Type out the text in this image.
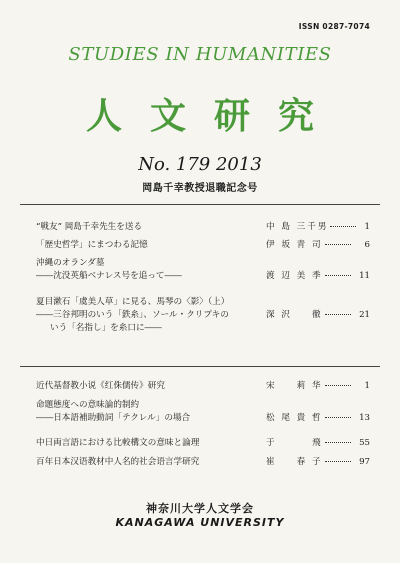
ISSN 0287-7074
STUDIES IN HUMANITIES
人文研究
No. 179 2013
岡島千幸教授退職記念号
“戦友” 岡島千幸先生を送る	中 島 三千男	1
「歴史哲学」にまつわる記憶	伊 坂 青 司	6
沖縄のオランダ墓
――沈没英船ベナレス号を追って――	渡 辺 美 季	11
夏目漱石「虞美人草」に見る、馬琴の〈影〉（上）
――三谷邦明のいう「鉄糸」、ソール・クリプキの
いう「名指し」を糸口に――
深 沢 　 徹	21
近代基督教小说《红侏儒传》研究	宋 　 莉 华	1
命題態度への意味論的制約
――日本語補助動詞「テクレル」の場合	松 尾 貴 哲	13
中日両言語における比較構文の意味と論理	于 　 　 飛	55
百年日本汉语教材中人名的社会语言学研究	崔 　 春 子	97
神奈川大学人文学会
KANAGAWA UNIVERSITY
